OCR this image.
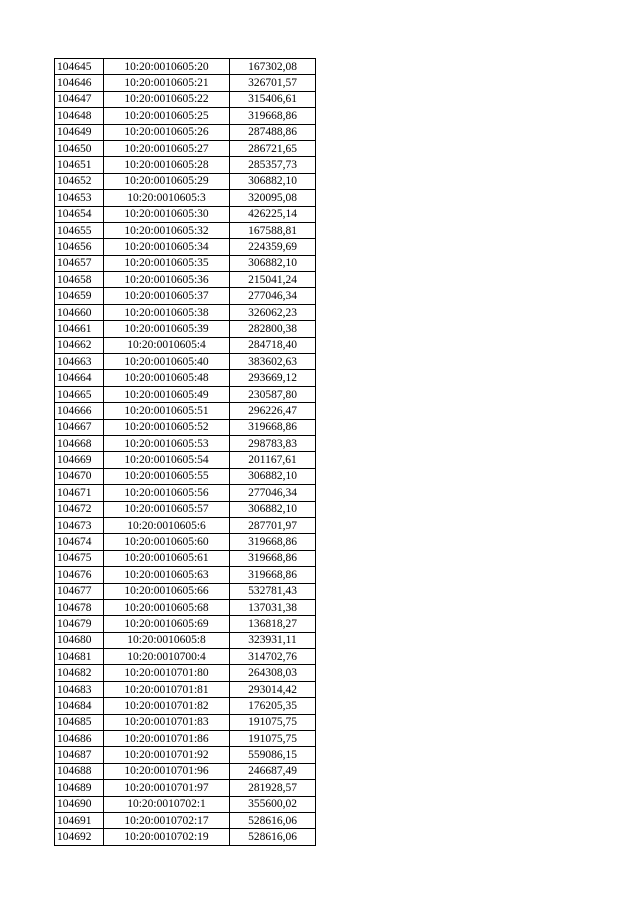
104645	10:20:0010605:20	167302,08
104646	10:20:0010605:21	326701,57
104647	10:20:0010605:22	315406,61
104648	10:20:0010605:25	319668,86
104649	10:20:0010605:26	287488,86
104650	10:20:0010605:27	286721,65
104651	10:20:0010605:28	285357,73
104652	10:20:0010605:29	306882,10
104653	10:20:0010605:3	320095,08
104654	10:20:0010605:30	426225,14
104655	10:20:0010605:32	167588,81
104656	10:20:0010605:34	224359,69
104657	10:20:0010605:35	306882,10
104658	10:20:0010605:36	215041,24
104659	10:20:0010605:37	277046,34
104660	10:20:0010605:38	326062,23
104661	10:20:0010605:39	282800,38
104662	10:20:0010605:4	284718,40
104663	10:20:0010605:40	383602,63
104664	10:20:0010605:48	293669,12
104665	10:20:0010605:49	230587,80
104666	10:20:0010605:51	296226,47
104667	10:20:0010605:52	319668,86
104668	10:20:0010605:53	298783,83
104669	10:20:0010605:54	201167,61
104670	10:20:0010605:55	306882,10
104671	10:20:0010605:56	277046,34
104672	10:20:0010605:57	306882,10
104673	10:20:0010605:6	287701,97
104674	10:20:0010605:60	319668,86
104675	10:20:0010605:61	319668,86
104676	10:20:0010605:63	319668,86
104677	10:20:0010605:66	532781,43
104678	10:20:0010605:68	137031,38
104679	10:20:0010605:69	136818,27
104680	10:20:0010605:8	323931,11
104681	10:20:0010700:4	314702,76
104682	10:20:0010701:80	264308,03
104683	10:20:0010701:81	293014,42
104684	10:20:0010701:82	176205,35
104685	10:20:0010701:83	191075,75
104686	10:20:0010701:86	191075,75
104687	10:20:0010701:92	559086,15
104688	10:20:0010701:96	246687,49
104689	10:20:0010701:97	281928,57
104690	10:20:0010702:1	355600,02
104691	10:20:0010702:17	528616,06
104692	10:20:0010702:19	528616,06
